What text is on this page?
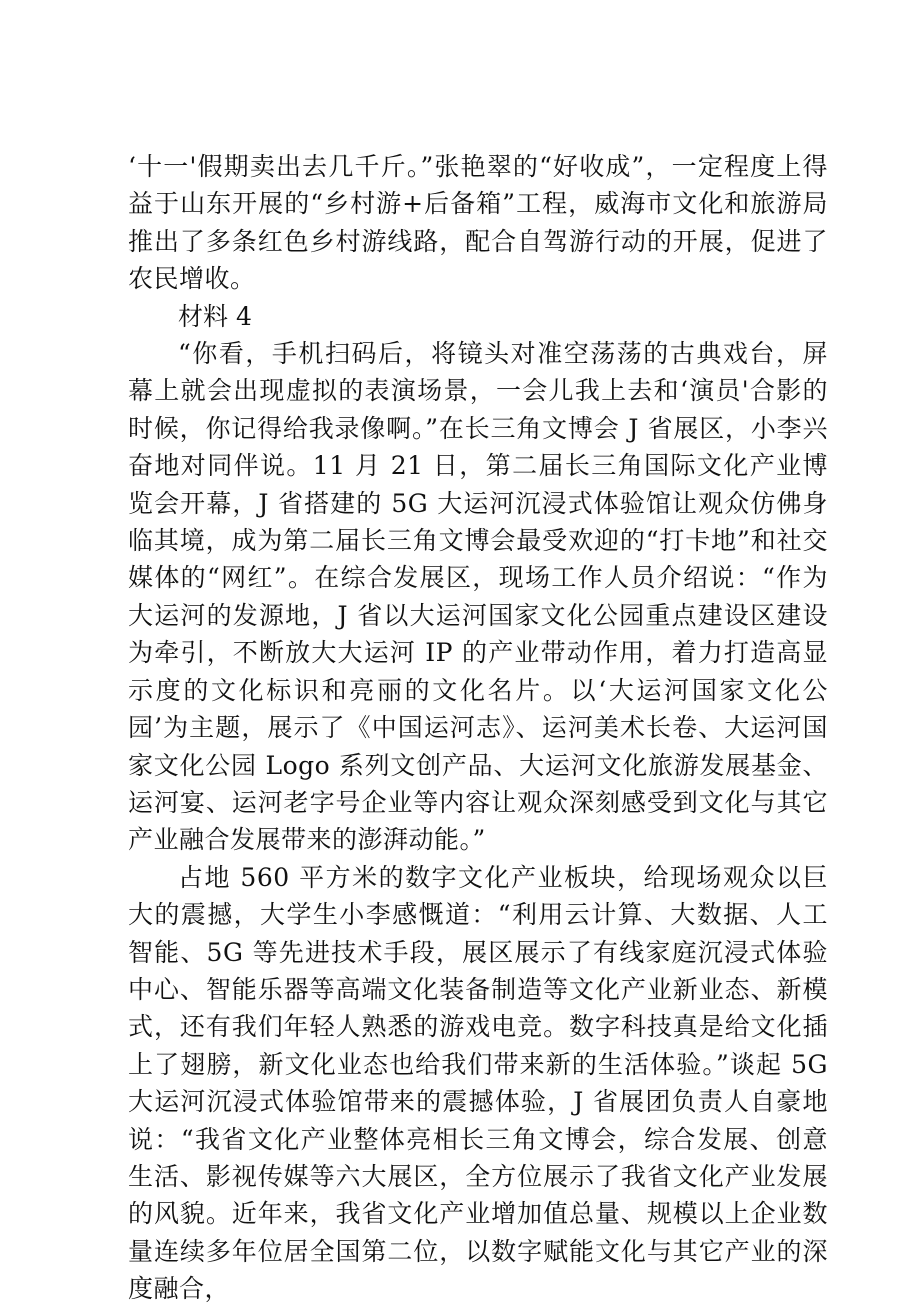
‘十一'假期卖出去几千斤。”张艳翠的“好收成”，一定程度上得益于山东开展的“乡村游+后备箱”工程，威海市文化和旅游局推出了多条红色乡村游线路，配合自驾游行动的开展，促进了农民增收。

材料 4

“你看，手机扫码后，将镜头对准空荡荡的古典戏台，屏幕上就会出现虚拟的表演场景，一会儿我上去和‘演员'合影的时候，你记得给我录像啊。”在长三角文博会 J 省展区，小李兴奋地对同伴说。11 月 21 日，第二届长三角国际文化产业博览会开幕，J 省搭建的 5G 大运河沉浸式体验馆让观众仿佛身临其境，成为第二届长三角文博会最受欢迎的“打卡地”和社交媒体的“网红”。在综合发展区，现场工作人员介绍说：“作为大运河的发源地，J 省以大运河国家文化公园重点建设区建设为牵引，不断放大大运河 IP 的产业带动作用，着力打造高显示度的文化标识和亮丽的文化名片。以‘大运河国家文化公园’为主题，展示了《中国运河志》、运河美术长卷、大运河国家文化公园 Logo 系列文创产品、大运河文化旅游发展基金、运河宴、运河老字号企业等内容让观众深刻感受到文化与其它产业融合发展带来的澎湃动能。”

占地 560 平方米的数字文化产业板块，给现场观众以巨大的震撼，大学生小李感慨道：“利用云计算、大数据、人工智能、5G 等先进技术手段，展区展示了有线家庭沉浸式体验中心、智能乐器等高端文化装备制造等文化产业新业态、新模式，还有我们年轻人熟悉的游戏电竞。数字科技真是给文化插上了翅膀，新文化业态也给我们带来新的生活体验。”谈起 5G 大运河沉浸式体验馆带来的震撼体验，J 省展团负责人自豪地说：“我省文化产业整体亮相长三角文博会，综合发展、创意生活、影视传媒等六大展区，全方位展示了我省文化产业发展的风貌。近年来，我省文化产业增加值总量、规模以上企业数量连续多年位居全国第二位，以数字赋能文化与其它产业的深度融合，
